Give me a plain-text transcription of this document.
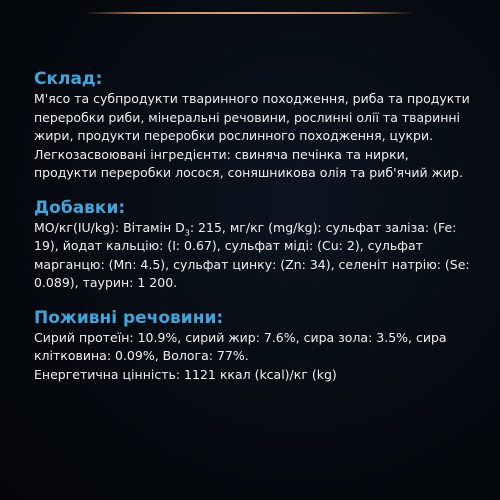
Склад:

М'ясо та субпродукти тваринного походження, риба та продукти переробки риби, мінеральні речовини, рослинні олії та тваринні жири, продукти переробки рослинного походження, цукри.

Легкозасвоювані інгредієнти: свиняча печінка та нирки, продукти переробки лосося, соняшникова олія та риб'ячий жир.

Добавки:

МО/кг(IU/kg): Вітамін $D_3$: 215, мг/кг (mg/kg): сульфат заліза: (Fe: 19), йодат кальцію: (I: 0.67), сульфат міді: (Cu: 2), сульфат марганцю: (Mn: 4.5), сульфат цинку: (Zn: 34), селеніт натрію: (Se: 0.089), таурин: 1 200.

Поживні речовини:

Сирий протеїн: 10.9%, сирий жир: 7.6%, сира зола: 3.5%, сира клітковина: 0.09%, Вологa: 77%.

Енергетична цінність: 1121 ккал (kcal)/кг (kg)
